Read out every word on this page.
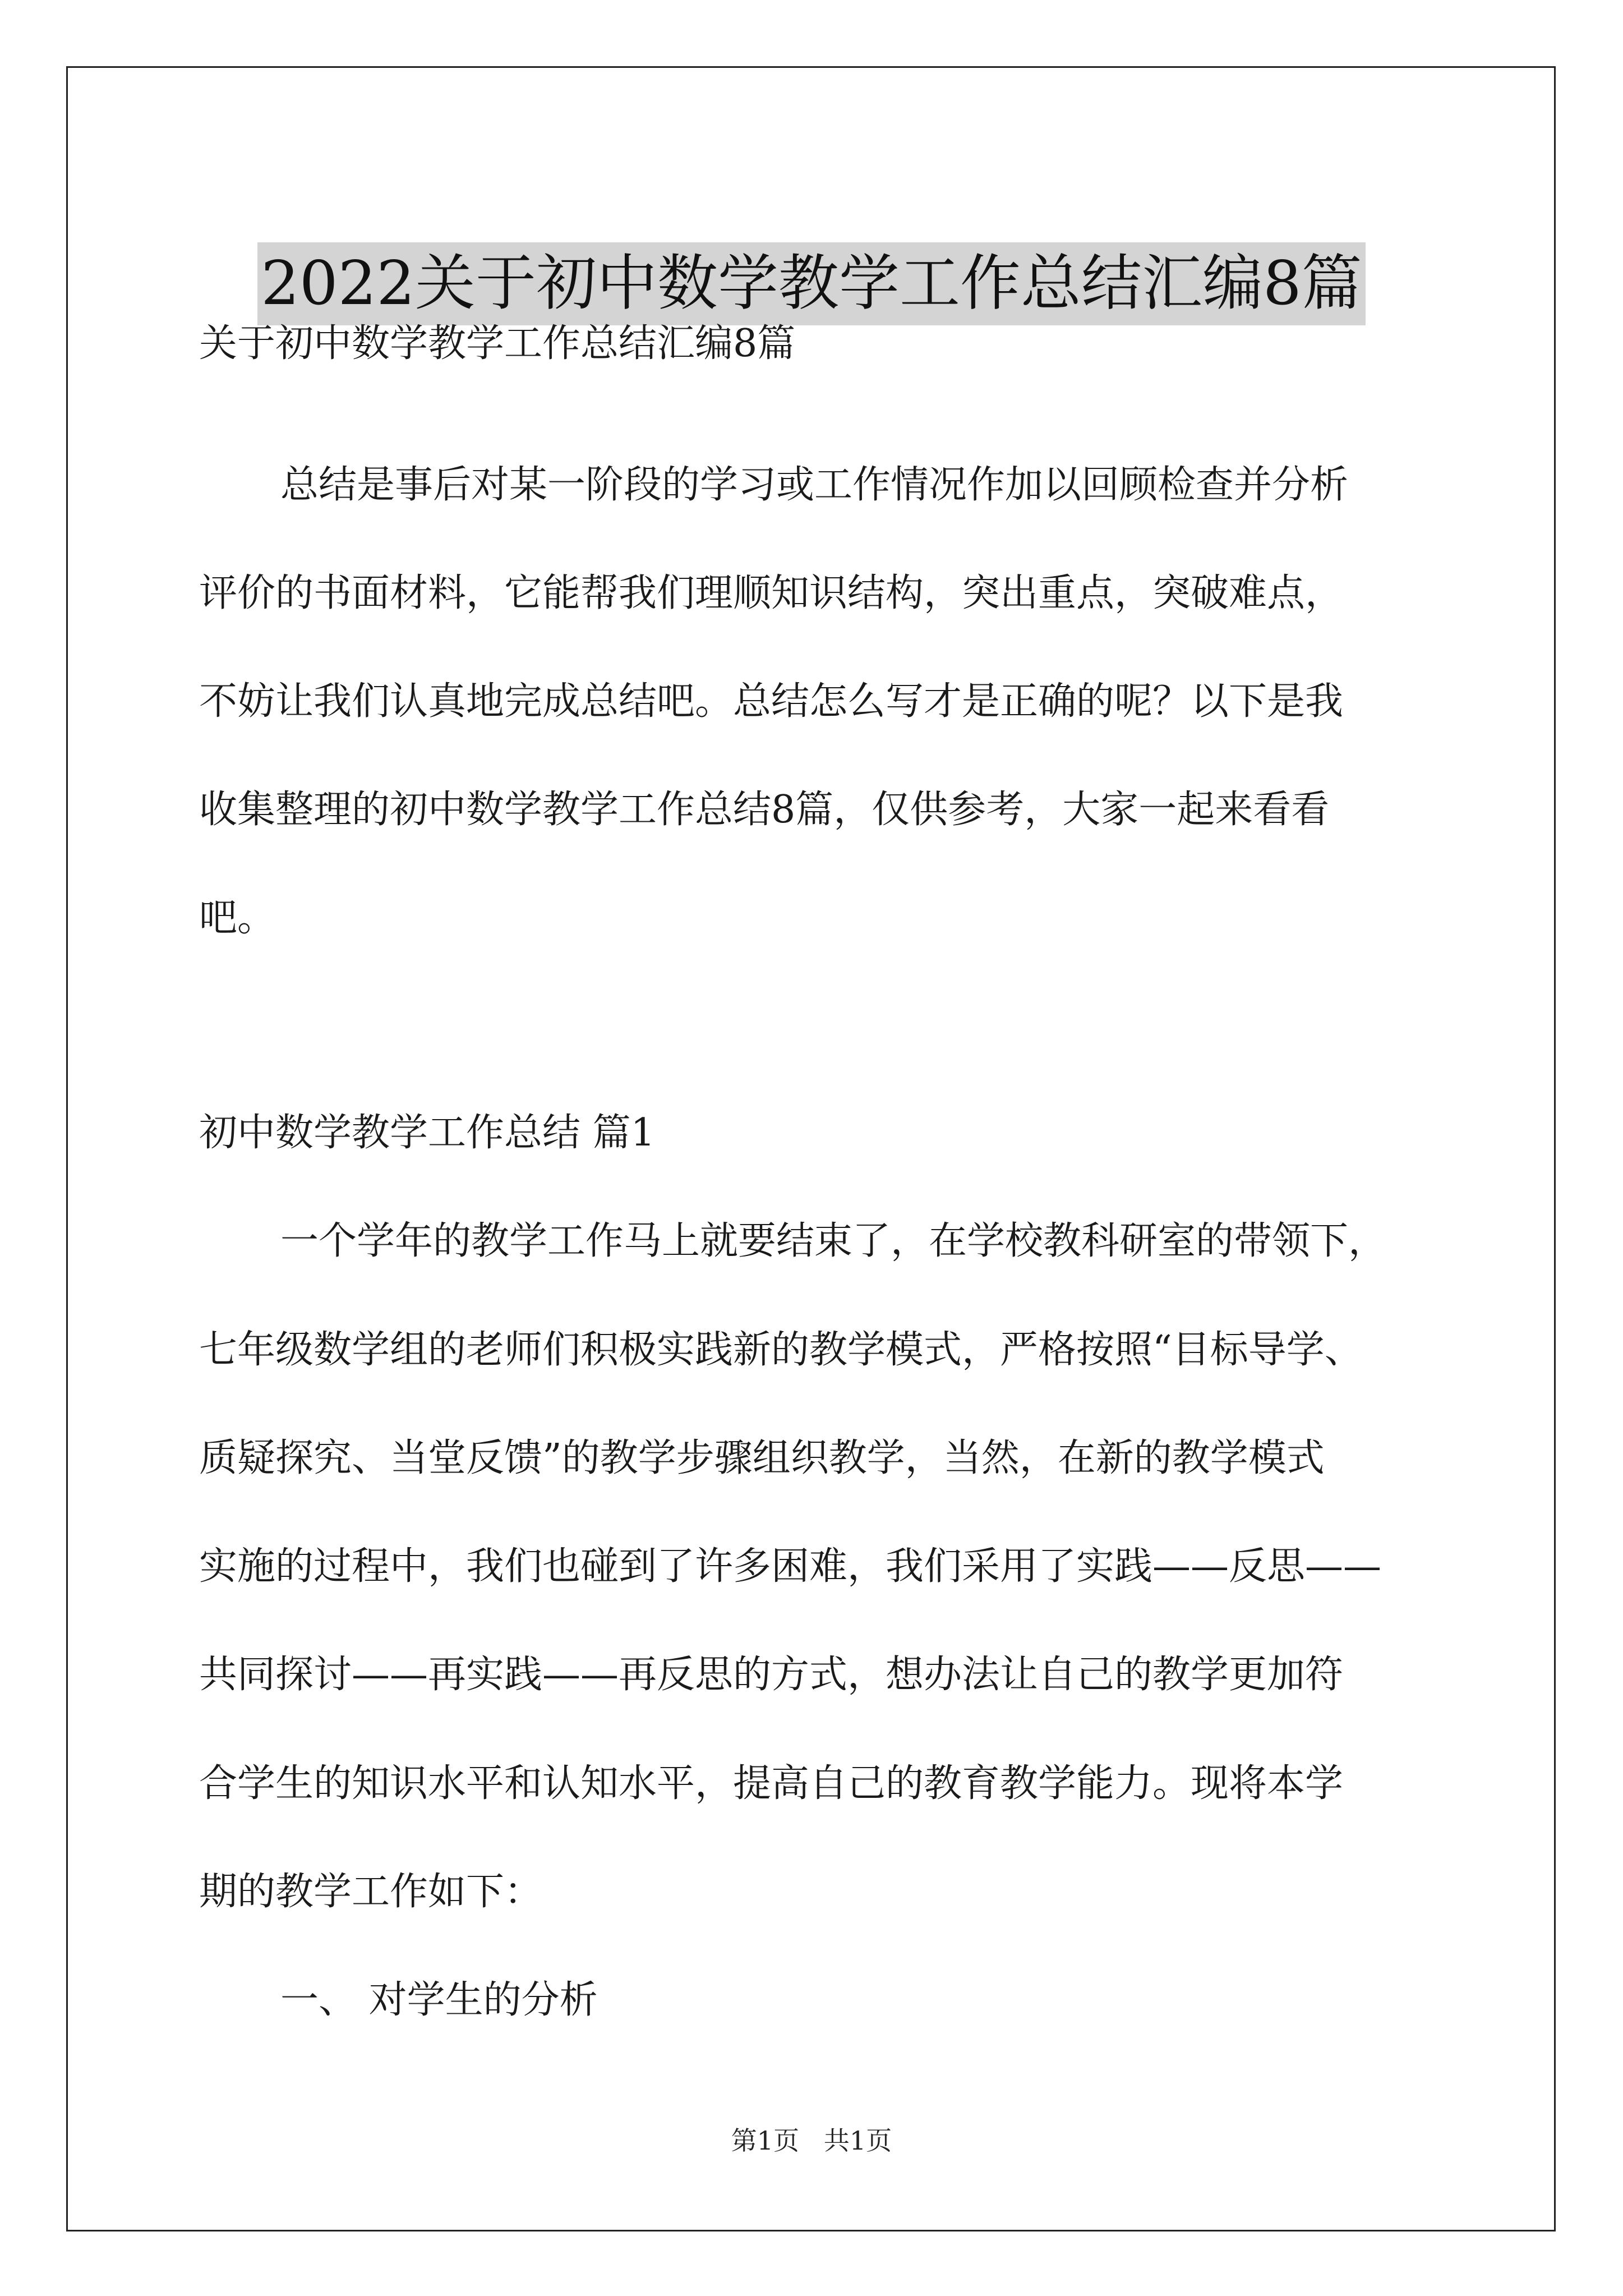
2022关于初中数学教学工作总结汇编8篇

关于初中数学教学工作总结汇编8篇

总结是事后对某一阶段的学习或工作情况作加以回顾检查并分析

评价的书面材料，它能帮我们理顺知识结构，突出重点，突破难点，

不妨让我们认真地完成总结吧。总结怎么写才是正确的呢？以下是我

收集整理的初中数学教学工作总结8篇，仅供参考，大家一起来看看

吧。

初中数学教学工作总结 篇1

一个学年的教学工作马上就要结束了，在学校教科研室的带领下，

七年级数学组的老师们积极实践新的教学模式，严格按照“目标导学、

质疑探究、当堂反馈”的教学步骤组织教学，当然，在新的教学模式

实施的过程中，我们也碰到了许多困难，我们采用了实践——反思——

共同探讨——再实践——再反思的方式，想办法让自己的教学更加符

合学生的知识水平和认知水平，提高自己的教育教学能力。现将本学

期的教学工作如下：

一、 对学生的分析

第1页   共1页
